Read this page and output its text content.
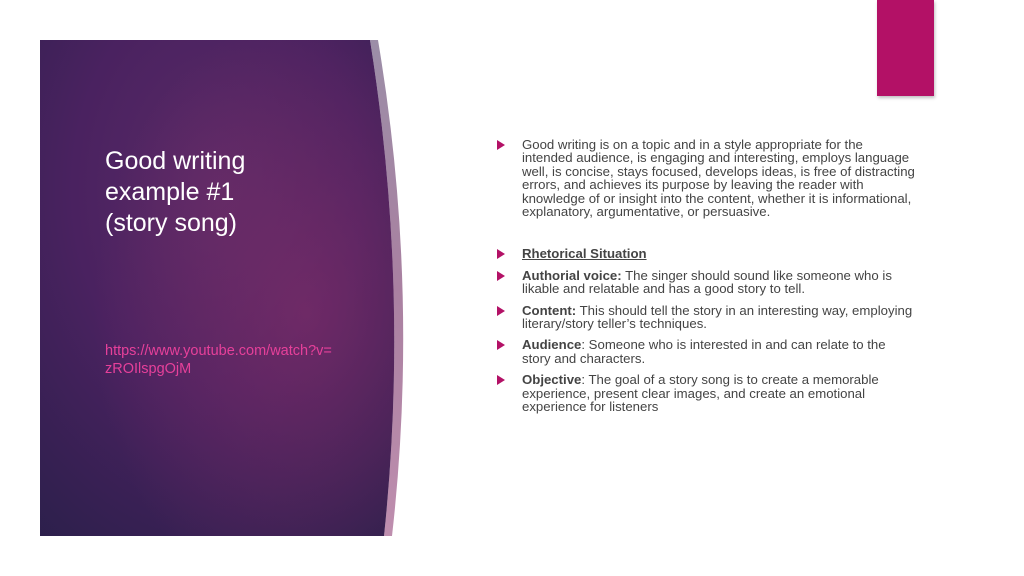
Good writing
example #1
(story song)
https://www.youtube.com/watch?v=zROIlspgOjM
Good writing is on a topic and in a style appropriate for the intended audience, is engaging and interesting, employs language well, is concise, stays focused, develops ideas, is free of distracting errors, and achieves its purpose by leaving the reader with knowledge of or insight into the content, whether it is informational, explanatory, argumentative, or persuasive.
Rhetorical Situation
Authorial voice: The singer should sound like someone who is likable and relatable and has a good story to tell.
Content: This should tell the story in an interesting way, employing literary/story teller’s techniques.
Audience: Someone who is interested in and can relate to the story and characters.
Objective: The goal of a story song is to create a memorable experience, present clear images, and create an emotional experience for listeners
